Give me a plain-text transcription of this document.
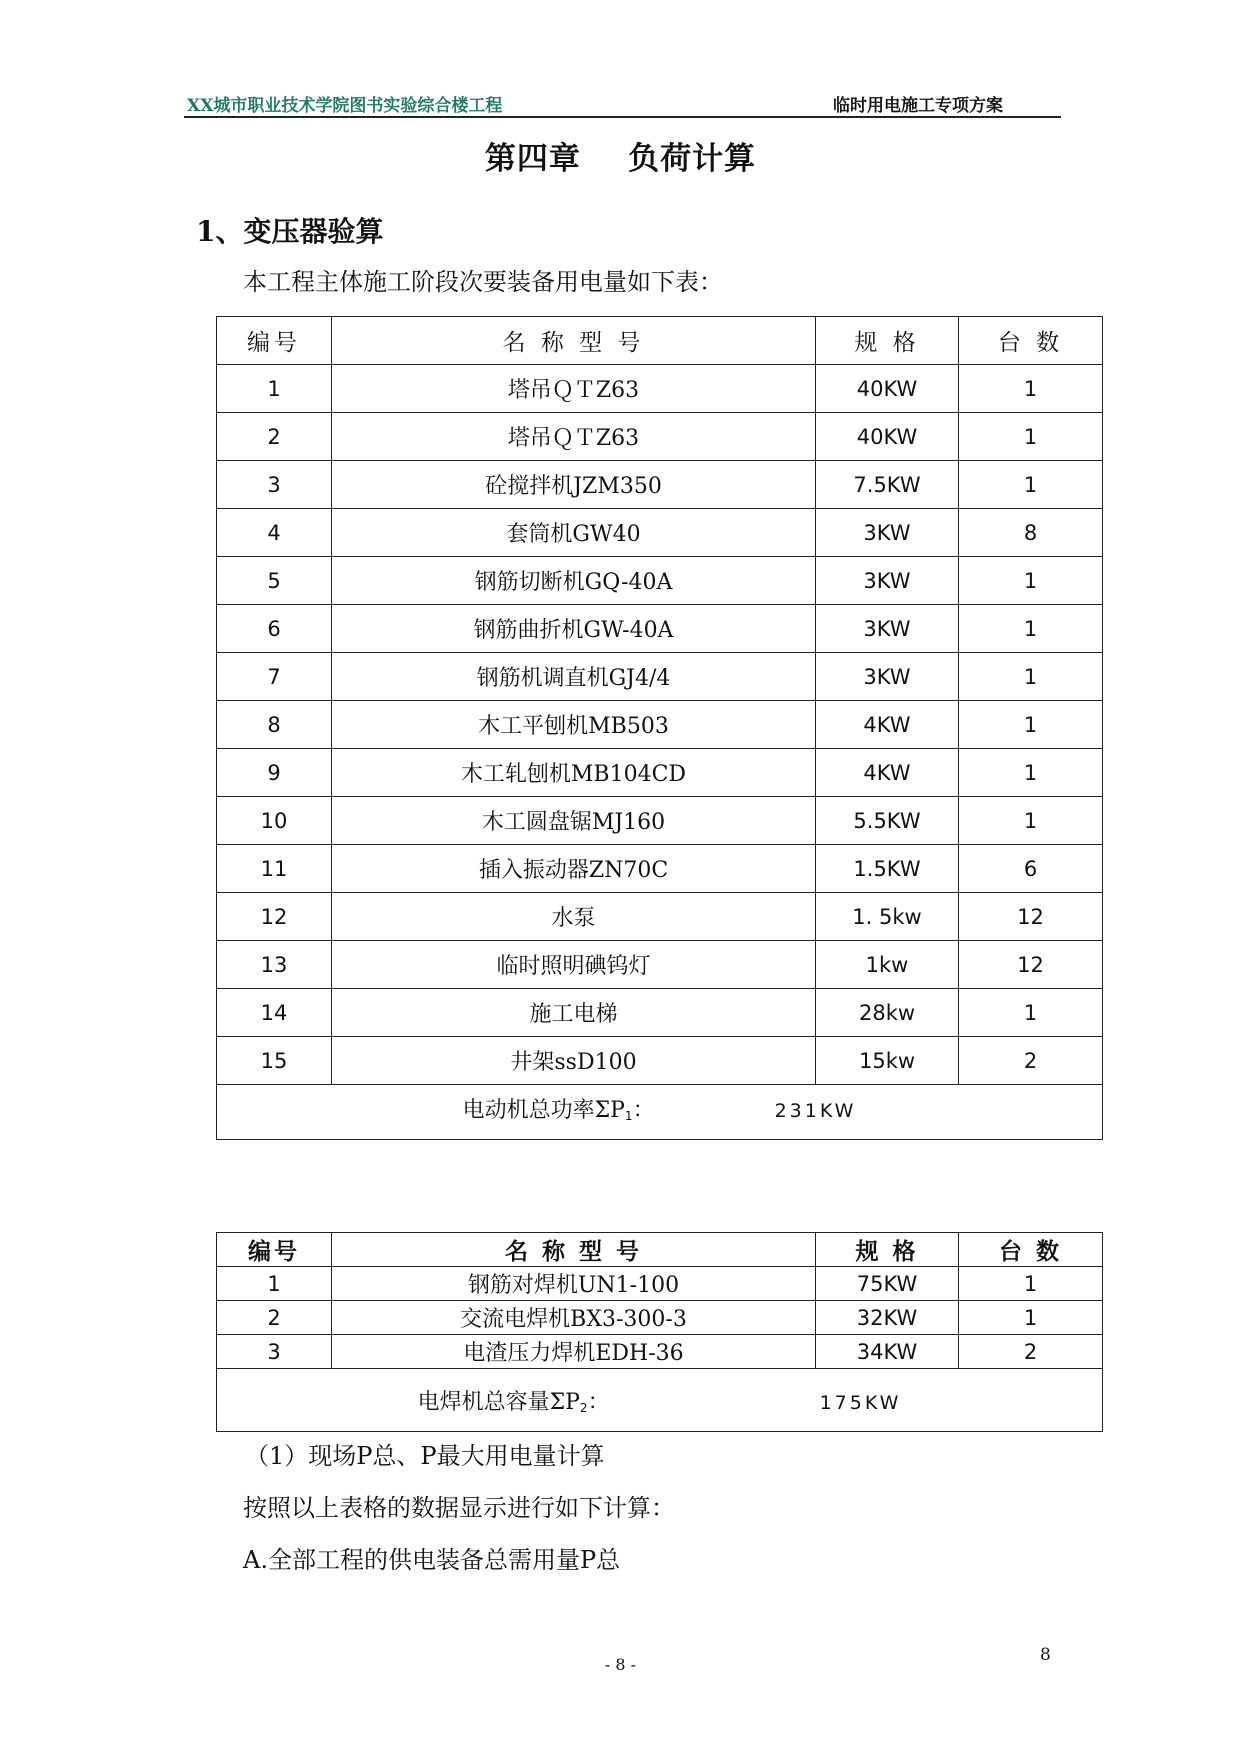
XX城市职业技术学院图书实验综合楼工程	临时用电施工专项方案
第四章    负荷计算
1、变压器验算
本工程主体施工阶段次要装备用电量如下表：
编号	名 称 型 号	规 格	台 数
1	塔吊ＱＴZ63	40KW	1
2	塔吊ＱＴZ63	40KW	1
3	砼搅拌机JZM350	7.5KW	1
4	套筒机GW40	3KW	8
5	钢筋切断机GQ-40A	3KW	1
6	钢筋曲折机GW-40A	3KW	1
7	钢筋机调直机GJ4/4	3KW	1
8	木工平刨机MB503	4KW	1
9	木工轧刨机MB104CD	4KW	1
10	木工圆盘锯MJ160	5.5KW	1
11	插入振动器ZN70C	1.5KW	6
12	水泵	1. 5kw	12
13	临时照明碘钨灯	1kw	12
14	施工电梯	28kw	1
15	井架ssD100	15kw	2
电动机总功率$\Sigma P_1$： 231KW			
编号	名 称 型 号	规 格	台 数
1	钢筋对焊机UN1-100	75KW	1
2	交流电焊机BX3-300-3	32KW	1
3	电渣压力焊机EDH-36	34KW	2
电焊机总容量$\Sigma P_2$： 175KW			
（1）现场P总、P最大用电量计算
按照以上表格的数据显示进行如下计算：
A.全部工程的供电装备总需用量P总
- 8 -	8
